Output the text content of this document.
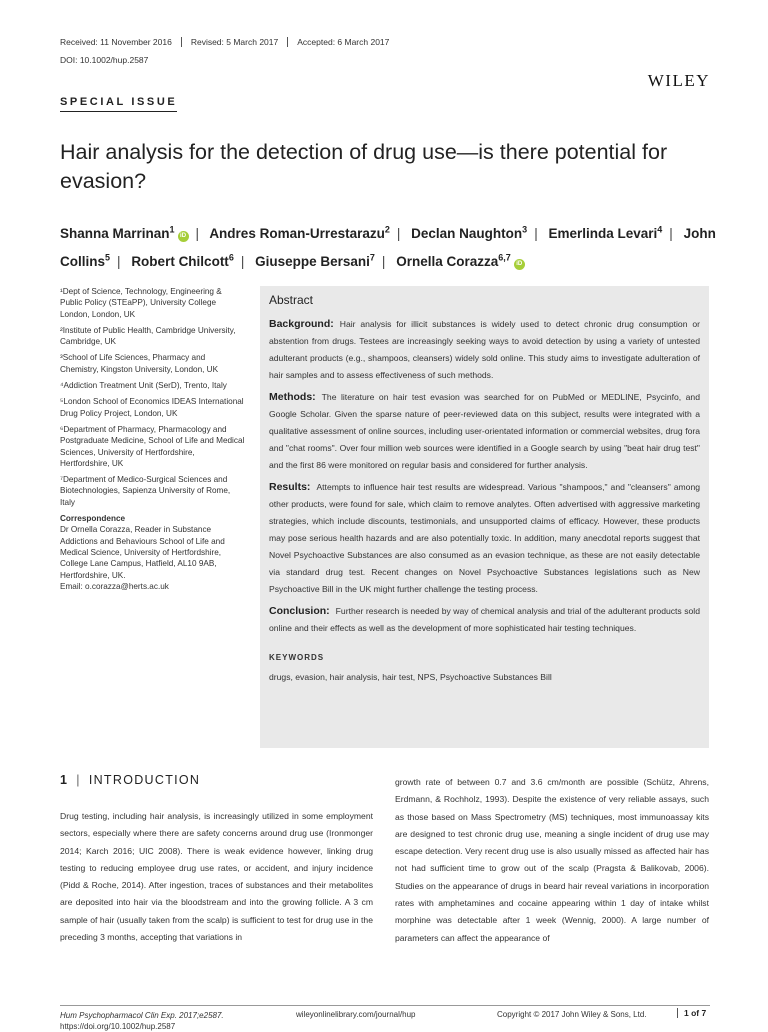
Received: 11 November 2016	Revised: 5 March 2017	Accepted: 6 March 2017
DOI: 10.1002/hup.2587
WILEY
SPECIAL ISSUE
Hair analysis for the detection of drug use—is there potential for evasion?
Shanna Marrinan$^1$iD | Andres Roman-Urrestarazu$^2$ | Declan Naughton$^3$ | Emerlinda Levari$^4$ | John Collins$^5$ | Robert Chilcott$^6$ | Giuseppe Bersani$^7$ | Ornella Corazza$^{6,7}$iD

¹Dept of Science, Technology, Engineering & Public Policy (STEaPP), University College London, London, UK

²Institute of Public Health, Cambridge University, Cambridge, UK

³School of Life Sciences, Pharmacy and Chemistry, Kingston University, London, UK

⁴Addiction Treatment Unit (SerD), Trento, Italy

⁵London School of Economics IDEAS International Drug Policy Project, London, UK

⁶Department of Pharmacy, Pharmacology and Postgraduate Medicine, School of Life and Medical Sciences, University of Hertfordshire, Hertfordshire, UK

⁷Department of Medico-Surgical Sciences and Biotechnologies, Sapienza University of Rome, Italy

Correspondence

Dr Ornella Corazza, Reader in Substance Addictions and Behaviours School of Life and Medical Science, University of Hertfordshire, College Lane Campus, Hatfield, AL10 9AB, Hertfordshire, UK.

Email: o.corazza@herts.ac.uk

Abstract

Background: Hair analysis for illicit substances is widely used to detect chronic drug consumption or abstention from drugs. Testees are increasingly seeking ways to avoid detection by using a variety of untested adulterant products (e.g., shampoos, cleansers) widely sold online. This study aims to investigate adulteration of hair samples and to assess effectiveness of such methods.

Methods: The literature on hair test evasion was searched for on PubMed or MEDLINE, Psycinfo, and Google Scholar. Given the sparse nature of peer-reviewed data on this subject, results were integrated with a qualitative assessment of online sources, including user-orientated information or commercial websites, drug fora and "chat rooms". Over four million web sources were identified in a Google search by using "beat hair drug test" and the first 86 were monitored on regular basis and considered for further analysis.

Results: Attempts to influence hair test results are widespread. Various "shampoos," and "cleansers" among other products, were found for sale, which claim to remove analytes. Often advertised with aggressive marketing strategies, which include discounts, testimonials, and unsupported claims of efficacy. However, these products may pose serious health hazards and are also potentially toxic. In addition, many anecdotal reports suggest that Novel Psychoactive Substances are also consumed as an evasion technique, as these are not easily detectable via standard drug test. Recent changes on Novel Psychoactive Substances legislations such as New Psychoactive Bill in the UK might further challenge the testing process.

Conclusion: Further research is needed by way of chemical analysis and trial of the adulterant products sold online and their effects as well as the development of more sophisticated hair testing techniques.

KEYWORDS
drugs, evasion, hair analysis, hair test, NPS, Psychoactive Substances Bill
1 | INTRODUCTION
Drug testing, including hair analysis, is increasingly utilized in some employment sectors, especially where there are safety concerns around drug use (Ironmonger 2014; Karch 2016; UIC 2008). There is weak evidence however, linking drug testing to reducing employee drug use rates, or accident, and injury incidence (Pidd & Roche, 2014). After ingestion, traces of substances and their metabolites are deposited into hair via the bloodstream and into the growing follicle. A 3 cm sample of hair (usually taken from the scalp) is sufficient to test for drug use in the preceding 3 months, accepting that variations in
growth rate of between 0.7 and 3.6 cm/month are possible (Schütz, Ahrens, Erdmann, & Rochholz, 1993). Despite the existence of very reliable assays, such as those based on Mass Spectrometry (MS) techniques, most immunoassay kits are designed to test chronic drug use, meaning a single incident of drug use may escape detection. Very recent drug use is also usually missed as affected hair has not had sufficient time to grow out of the scalp (Pragsta & Balikovab, 2006). Studies on the appearance of drugs in beard hair reveal variations in incorporation rates with amphetamines and cocaine appearing within 1 day of intake whilst morphine was detectable after 1 week (Wennig, 2000). A large number of parameters can affect the appearance of
Hum Psychopharmacol Clin Exp. 2017;e2587.
https://doi.org/10.1002/hup.2587
wileyonlinelibrary.com/journal/hup	Copyright © 2017 John Wiley & Sons, Ltd.	1 of 7
